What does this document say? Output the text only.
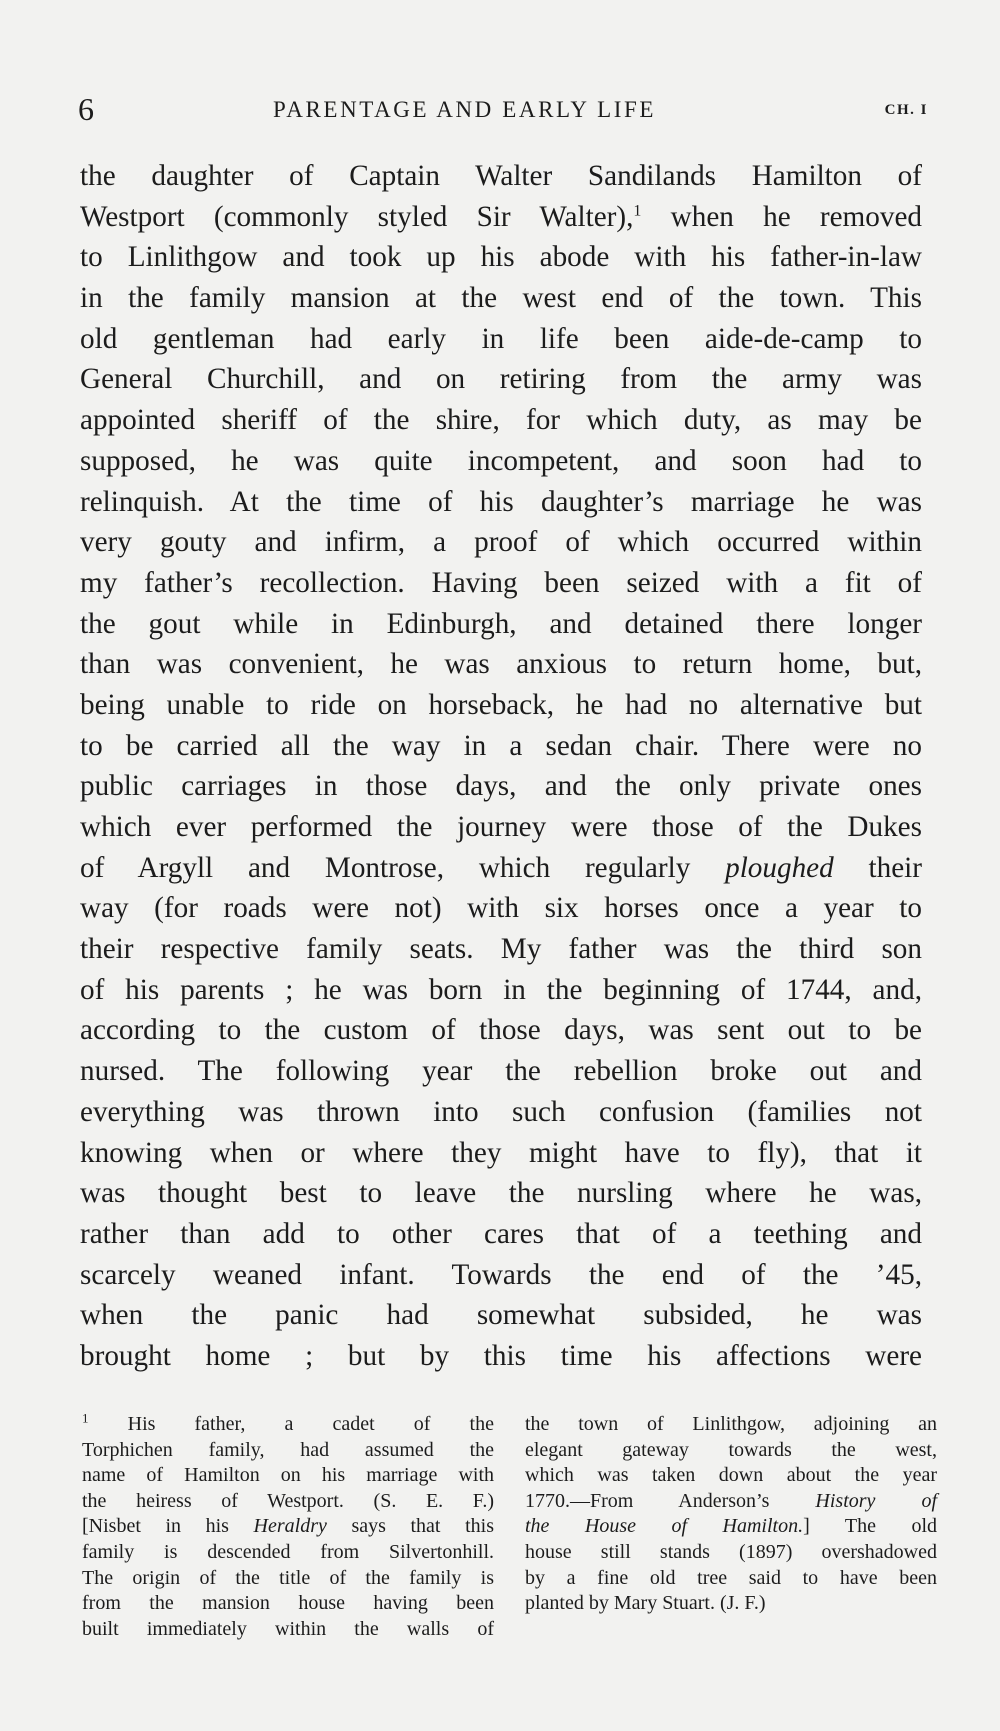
6	PARENTAGE AND EARLY LIFE	CH. I
the daughter of Captain Walter Sandilands Hamilton of
Westport (commonly styled Sir Walter),$^1$ when he removed
to Linlithgow and took up his abode with his father-in-law
in the family mansion at the west end of the town. This
old gentleman had early in life been aide-de-camp to
General Churchill, and on retiring from the army was
appointed sheriff of the shire, for which duty, as may be
supposed, he was quite incompetent, and soon had to
relinquish. At the time of his daughter’s marriage he was
very gouty and infirm, a proof of which occurred within
my father’s recollection. Having been seized with a fit of
the gout while in Edinburgh, and detained there longer
than was convenient, he was anxious to return home, but,
being unable to ride on horseback, he had no alternative but
to be carried all the way in a sedan chair. There were no
public carriages in those days, and the only private ones
which ever performed the journey were those of the Dukes
of Argyll and Montrose, which regularly ploughed their
way (for roads were not) with six horses once a year to
their respective family seats. My father was the third son
of his parents ; he was born in the beginning of 1744, and,
according to the custom of those days, was sent out to be
nursed. The following year the rebellion broke out and
everything was thrown into such confusion (families not
knowing when or where they might have to fly), that it
was thought best to leave the nursling where he was,
rather than add to other cares that of a teething and
scarcely weaned infant. Towards the end of the ’45,
when the panic had somewhat subsided, he was
brought home ; but by this time his affections were
$^1$ His father, a cadet of the
Torphichen family, had assumed the
name of Hamilton on his marriage with
the heiress of Westport. (S. E. F.)
[Nisbet in his Heraldry says that this
family is descended from Silvertonhill.
The origin of the title of the family is
from the mansion house having been
built immediately within the walls of
the town of Linlithgow, adjoining an
elegant gateway towards the west,
which was taken down about the year
1770.—From Anderson’s History of
the House of Hamilton.] The old
house still stands (1897) overshadowed
by a fine old tree said to have been
planted by Mary Stuart. (J. F.)
